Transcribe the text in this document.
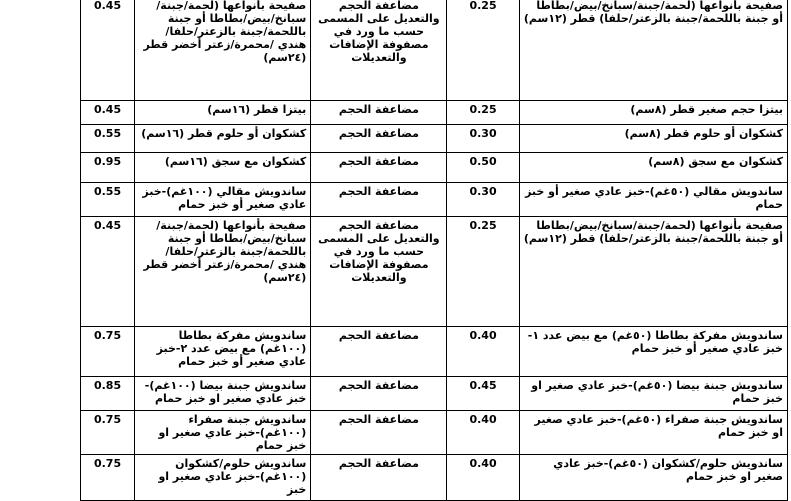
0.45	صفيحة بأنواعها (لحمة/جبنة/سبانخ/بيض/بطاطا أو جبنة باللحمة/جبنة بالزعتر/حلفا/هندي /محمرة/زعتر أخضر قطر (٢٤سم)	مضاعفة الحجم والتعديل على المسمى حسب ما ورد في مصفوفة الإضافات والتعديلات	0.25	صفيحة بأنواعها (لحمة/جبنة/سبانخ/بيض/بطاطا أو جبنة باللحمة/جبنة بالزعتر/حلفا) قطر (١٢سم)
0.45	بيتزا قطر (١٦سم)	مضاعفة الحجم	0.25	بيتزا حجم صغير قطر (٨سم)
0.55	كشكوان أو حلوم قطر (١٦سم)	مضاعفة الحجم	0.30	كشكوان أو حلوم قطر (٨سم)
0.95	كشكوان مع سجق (١٦سم)	مضاعفة الحجم	0.50	كشكوان مع سجق (٨سم)
0.55	ساندويش مقالي (١٠٠غم)-خبز عادي صغير أو خبز حمام	مضاعفة الحجم	0.30	ساندويش مقالي (٥٠غم)-خبز عادي صغير أو خبز حمام
0.45	صفيحة بأنواعها (لحمة/جبنة/سبانخ/بيض/بطاطا أو جبنة باللحمة/جبنة بالزعتر/حلفا/هندي /محمرة/زعتر أخضر قطر (٢٤سم)	مضاعفة الحجم والتعديل على المسمى حسب ما ورد في مصفوفة الإضافات والتعديلات	0.25	صفيحة بأنواعها (لحمة/جبنة/سبانخ/بيض/بطاطا أو جبنة باللحمة/جبنة بالزعتر/حلفا) قطر (١٢سم)
0.75	ساندويش مفركة بطاطا (١٠٠غم) مع بيض عدد ٢-خبز عادي صغير أو خبز حمام	مضاعفة الحجم	0.40	ساندويش مفركة بطاطا (٥٠غم) مع بيض عدد ١-خبز عادي صغير أو خبز حمام
0.85	ساندويش جبنة بيضا (١٠٠غم)-خبز عادي صغير او خبز حمام	مضاعفة الحجم	0.45	ساندويش جبنة بيضا (٥٠غم)-خبز عادي صغير او خبز حمام
0.75	ساندويش جبنة صفراء (١٠٠غم)-خبز عادي صغير او خبز حمام	مضاعفة الحجم	0.40	ساندويش جبنة صفراء (٥٠غم)-خبز عادي صغير او خبز حمام
0.75	ساندويش حلوم/كشكوان (١٠٠غم)-خبز عادي صغير او خبز	مضاعفة الحجم	0.40	ساندويش حلوم/كشكوان (٥٠غم)-خبز عادي صغير او خبز حمام
